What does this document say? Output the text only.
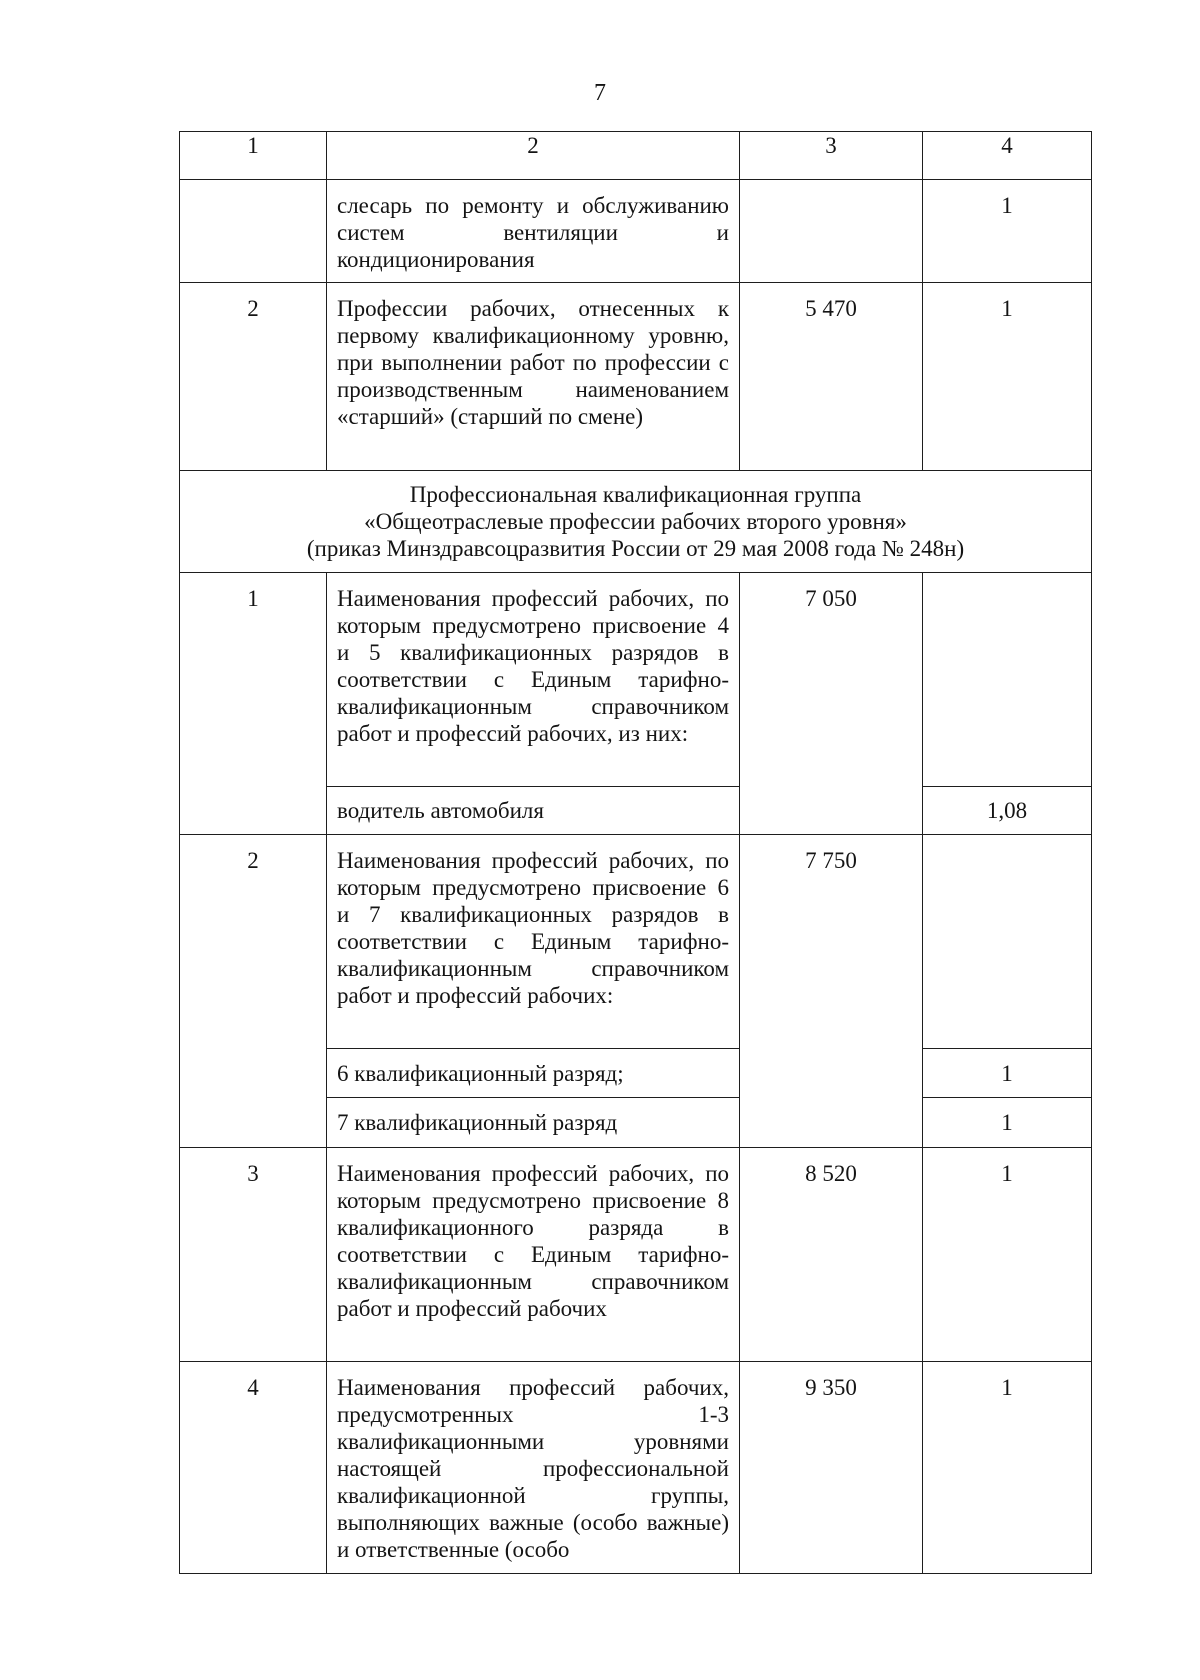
7
1	2	3	4
	слесарь по ремонту и обслуживанию систем вентиляции и кондиционирования		1
2	Профессии рабочих, отнесенных к первому квалификационному уровню, при выполнении работ по профессии с производственным наименованием «старший» (старший по смене)	5 470	1

Профессиональная квалификационная группа
«Общеотраслевые профессии рабочих второго уровня»
(приказ Минздравсоцразвития России от 29 мая 2008 года № 248н)			

1	Наименования профессий рабочих, по которым предусмотрено присвоение 4 и 5 квалификационных разрядов в соответствии с Единым тарифно-квалификационным справочником работ и профессий рабочих, из них:	7 050	
	водитель автомобиля		1,08
2	Наименования профессий рабочих, по которым предусмотрено присвоение 6 и 7 квалификационных разрядов в соответствии с Единым тарифно-квалификационным справочником работ и профессий рабочих:	7 750	
	6 квалификационный разряд;		1
	7 квалификационный разряд		1
3	Наименования профессий рабочих, по которым предусмотрено присвоение 8 квалификационного разряда в соответствии с Единым тарифно-квалификационным справочником работ и профессий рабочих	8 520	1
4	Наименования профессий рабочих, предусмотренных 1-3 квалификационными уровнями настоящей профессиональной квалификационной группы, выполняющих важные (особо важные) и ответственные (особо	9 350	1
